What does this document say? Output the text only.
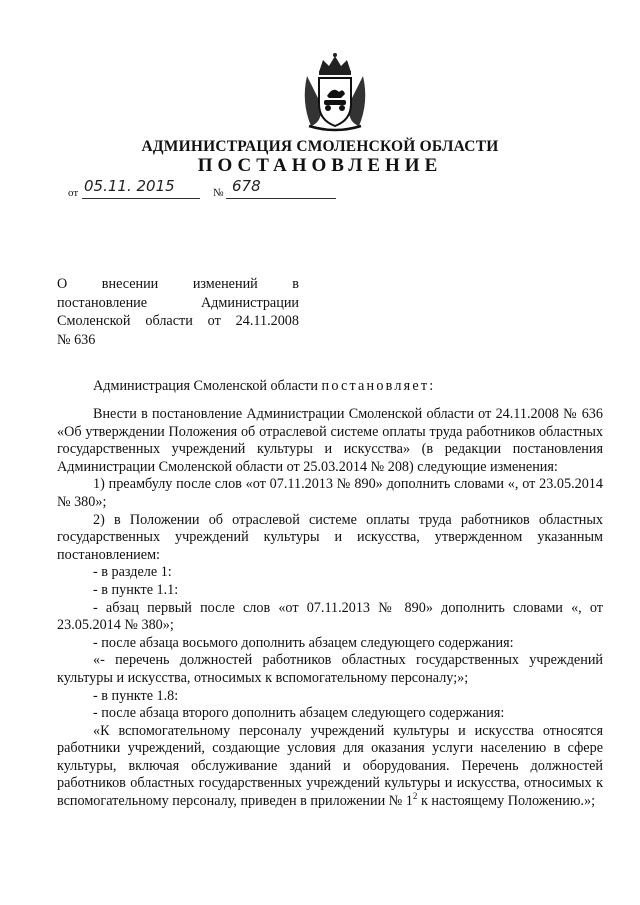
АДМИНИСТРАЦИЯ СМОЛЕНСКОЙ ОБЛАСТИ
ПОСТАНОВЛЕНИЕ
от 05.11. 2015	№ 678
О внесении изменений в
постановление Администрации
Смоленской области от 24.11.2008
№ 636
Администрация Смоленской области постановляет:

Внести в постановление Администрации Смоленской области от 24.11.2008 № 636 «Об утверждении Положения об отраслевой системе оплаты труда работников областных государственных учреждений культуры и искусства» (в редакции постановления Администрации Смоленской области от 25.03.2014 № 208) следующие изменения:

1) преамбулу после слов «от 07.11.2013 № 890» дополнить словами «, от 23.05.2014 № 380»;

2) в Положении об отраслевой системе оплаты труда работников областных государственных учреждений культуры и искусства, утвержденном указанным постановлением:

- в разделе 1:

- в пункте 1.1:

- абзац первый после слов «от 07.11.2013 № 890» дополнить словами «, от 23.05.2014 № 380»;

- после абзаца восьмого дополнить абзацем следующего содержания:

«- перечень должностей работников областных государственных учреждений культуры и искусства, относимых к вспомогательному персоналу;»;

- в пункте 1.8:

- после абзаца второго дополнить абзацем следующего содержания:

«К вспомогательному персоналу учреждений культуры и искусства относятся работники учреждений, создающие условия для оказания услуги населению в сфере культуры, включая обслуживание зданий и оборудования. Перечень должностей работников областных государственных учреждений культуры и искусства, относимых к вспомогательному персоналу, приведен в приложении № $1^2$ к настоящему Положению.»;
